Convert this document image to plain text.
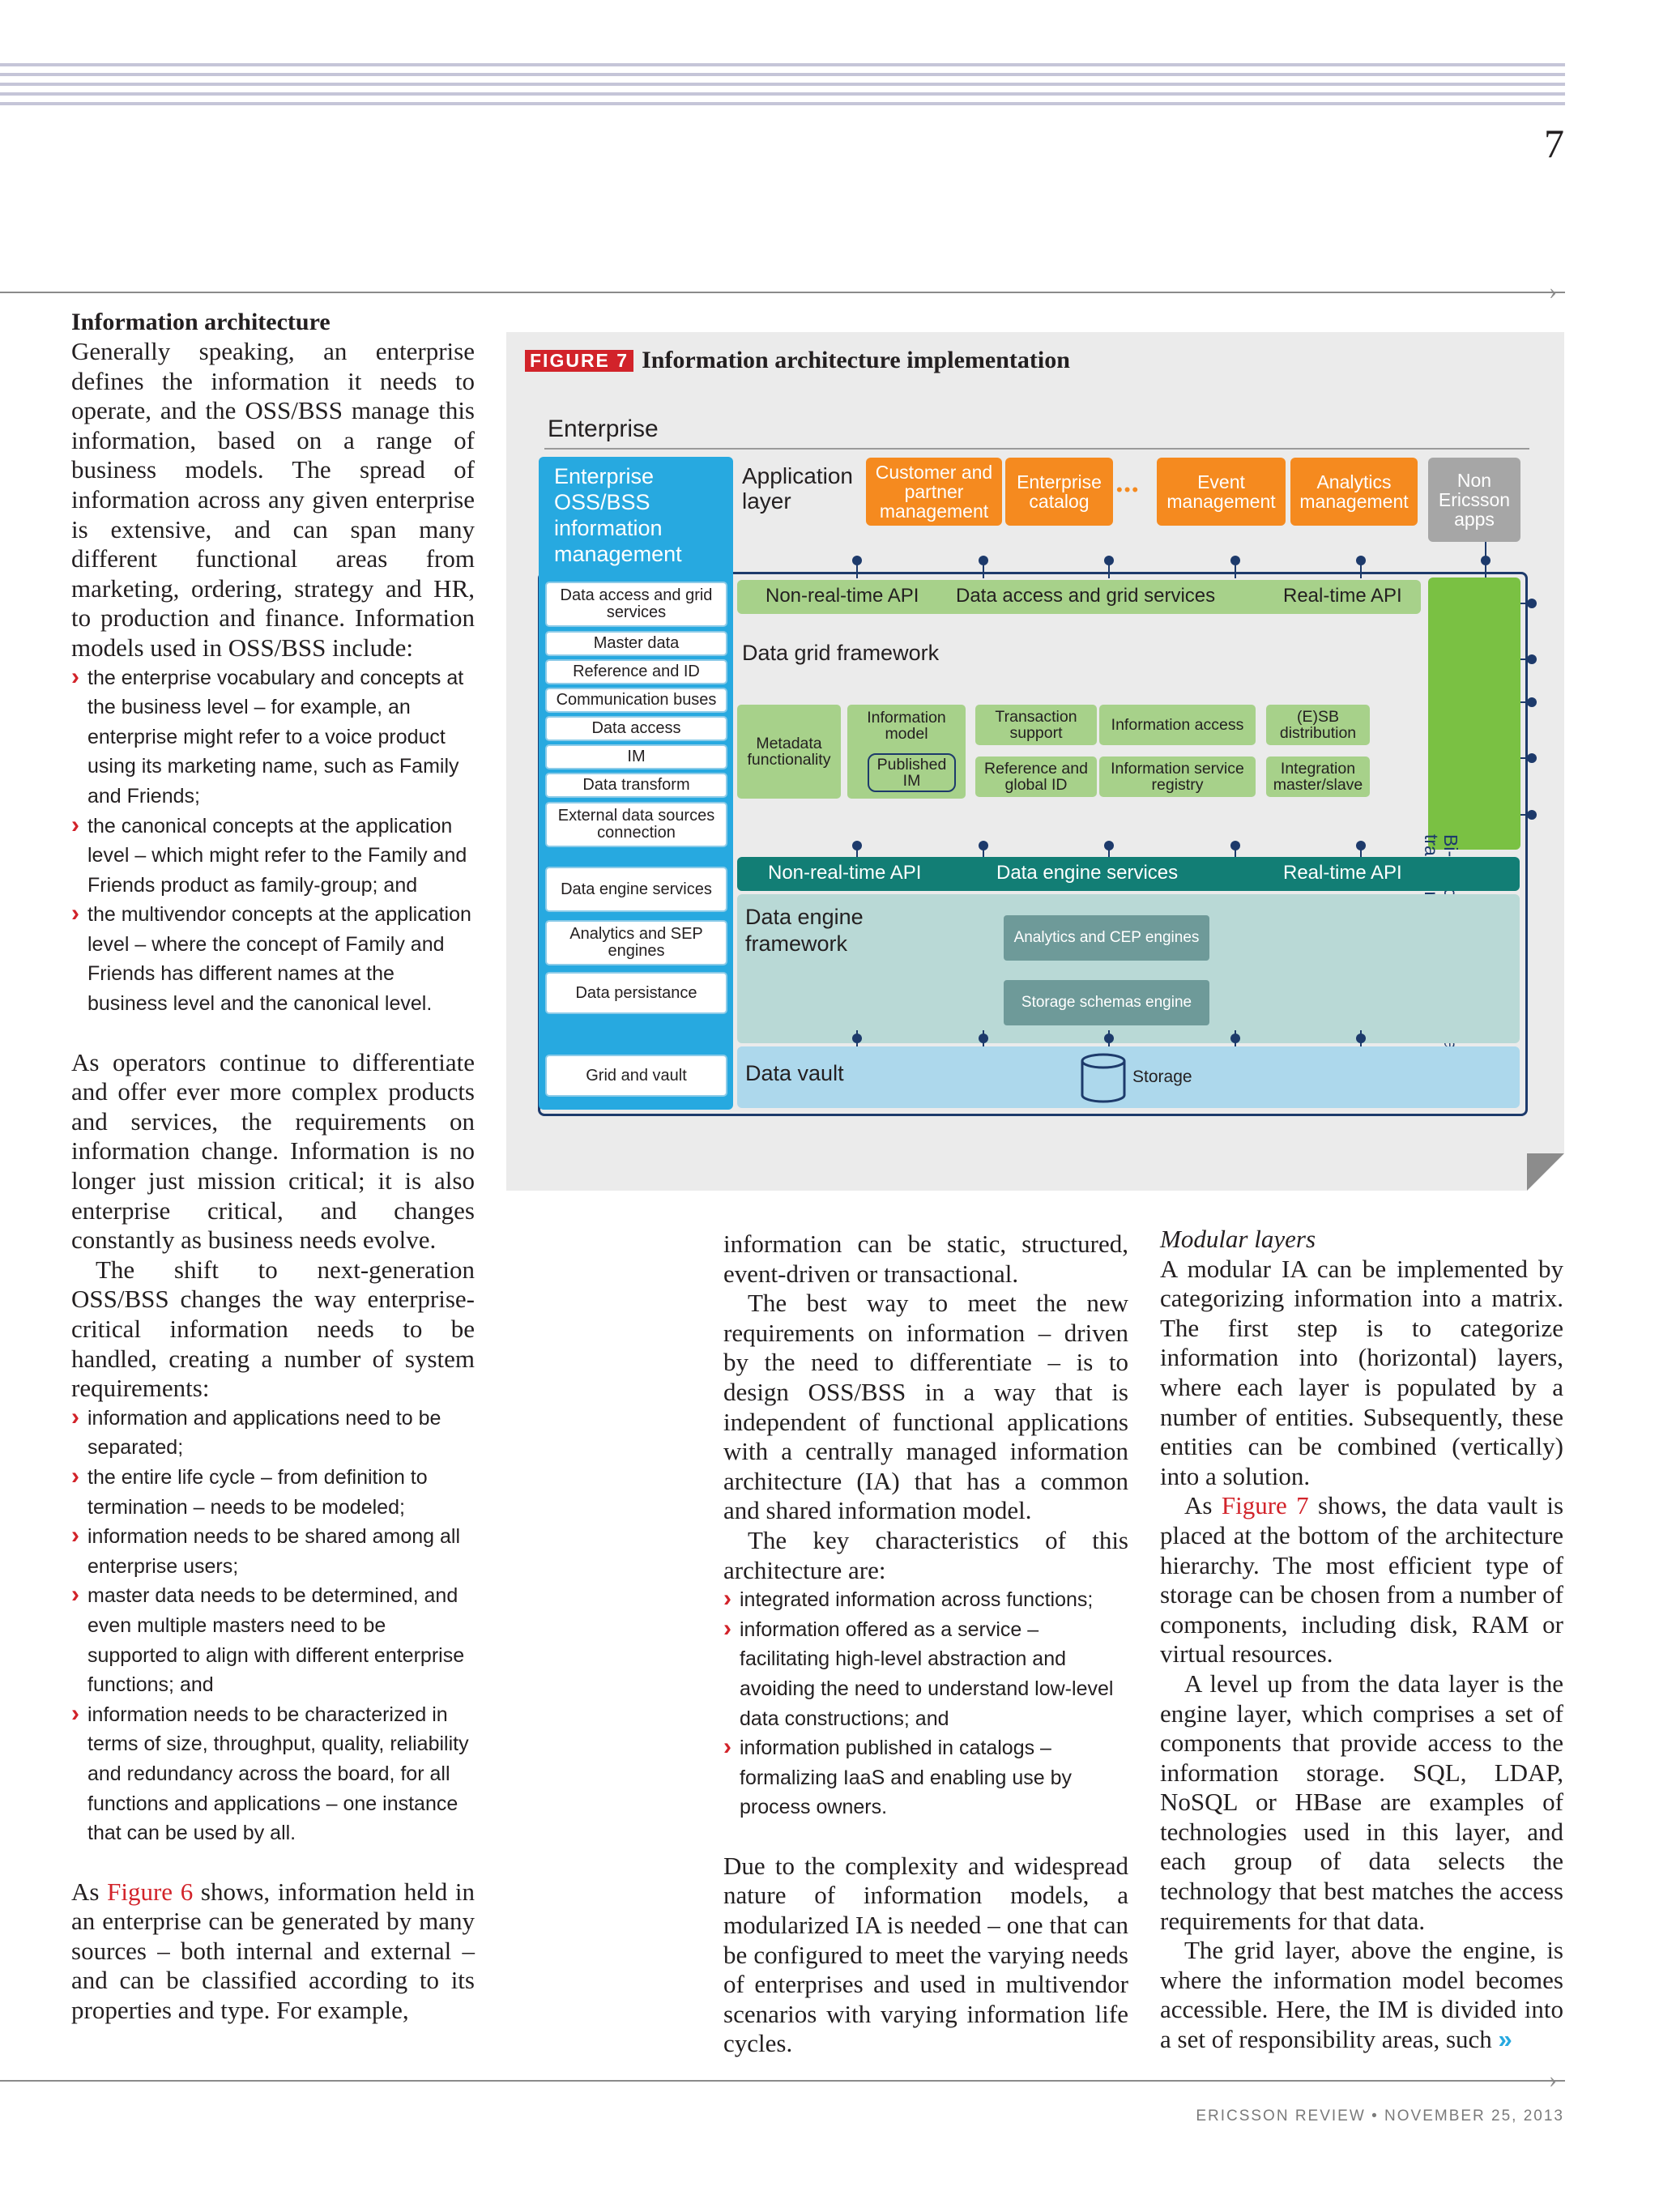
7
›
Information architecture

Generally speaking, an enterprise defines the information it needs to operate, and the OSS/BSS manage this information, based on a range of business models. The spread of information across any given enterprise is extensive, and can span many different functional areas from marketing, ordering, strategy and HR, to production and finance. Information models used in OSS/BSS include:

› the enterprise vocabulary and concepts at the business level – for example, an enterprise might refer to a voice product using its marketing name, such as Family and Friends;
› the canonical concepts at the application level – which might refer to the Family and Friends product as family-group; and
› the multivendor concepts at the application level – where the concept of Family and Friends has different names at the business level and the canonical level.

As operators continue to differentiate and offer ever more complex products and services, the requirements on information change. Information is no longer just mission critical; it is also enterprise critical, and changes constantly as business needs evolve.

The shift to next-generation OSS/BSS changes the way enterprise-critical information needs to be handled, creating a number of system requirements:

› information and applications need to be separated;
› the entire life cycle – from definition to termination – needs to be modeled;
› information needs to be shared among all enterprise users;
› master data needs to be determined, and even multiple masters need to be supported to align with different enterprise functions; and
› information needs to be characterized in terms of size, throughput, quality, reliability and redundancy across the board, for all functions and applications – one instance that can be used by all.

As Figure 6 shows, information held in an enterprise can be generated by many sources – both internal and external – and can be classified according to its properties and type. For example,

FIGURE 7 Information architecture implementation
Enterprise
Enterprise OSS/BSS information management
Data access and grid services
Master data
Reference and ID
Communication buses
Data access
IM
Data transform
External data sources connection
Data engine services
Analytics and SEP engines
Data persistance
Grid and vault
Application layer
Customer and partner management
Enterprise catalog
•••	Event management
Analytics management
Non Ericsson apps
Non-real-time API Data access and grid services	Real-time API
Data grid framework
Metadata functionality
Information model
Published IM
Transaction support	Information access	(E)SB distribution
Reference and global ID
Information service registry
Integration master/slave
Non-real-time API	Data engine services	Real-time API
Data engine framework	Analytics and CEP engines
Storage schemas engine
Data vault	Storage

information can be static, structured, event-driven or transactional.

The best way to meet the new requirements on information – driven by the need to differentiate – is to design OSS/BSS in a way that is independent of functional applications with a centrally managed information architecture (IA) that has a common and shared information model.

The key characteristics of this architecture are:

› integrated information across functions;
› information offered as a service – facilitating high-level abstraction and avoiding the need to understand low-level data constructions; and
› information published in catalogs – formalizing IaaS and enabling use by process owners.

Due to the complexity and widespread nature of information models, a modularized IA is needed – one that can be configured to meet the varying needs of enterprises and used in multivendor scenarios with varying information life cycles.

Modular layers

A modular IA can be implemented by categorizing information into a matrix. The first step is to categorize information into (horizontal) layers, where each layer is populated by a number of entities. Subsequently, these entities can be combined (vertically) into a solution.

As Figure 7 shows, the data vault is placed at the bottom of the architecture hierarchy. The most efficient type of storage can be chosen from a number of components, including disk, RAM or virtual resources.

A level up from the data layer is the engine layer, which comprises a set of components that provide access to the information storage. SQL, LDAP, NoSQL or HBase are examples of technologies used in this layer, and each group of data selects the technology that best matches the access requirements for that data.

The grid layer, above the engine, is where the information model becomes accessible. Here, the IM is divided into a set of responsibility areas, such »

›
ERICSSON REVIEW • NOVEMBER 25, 2013
